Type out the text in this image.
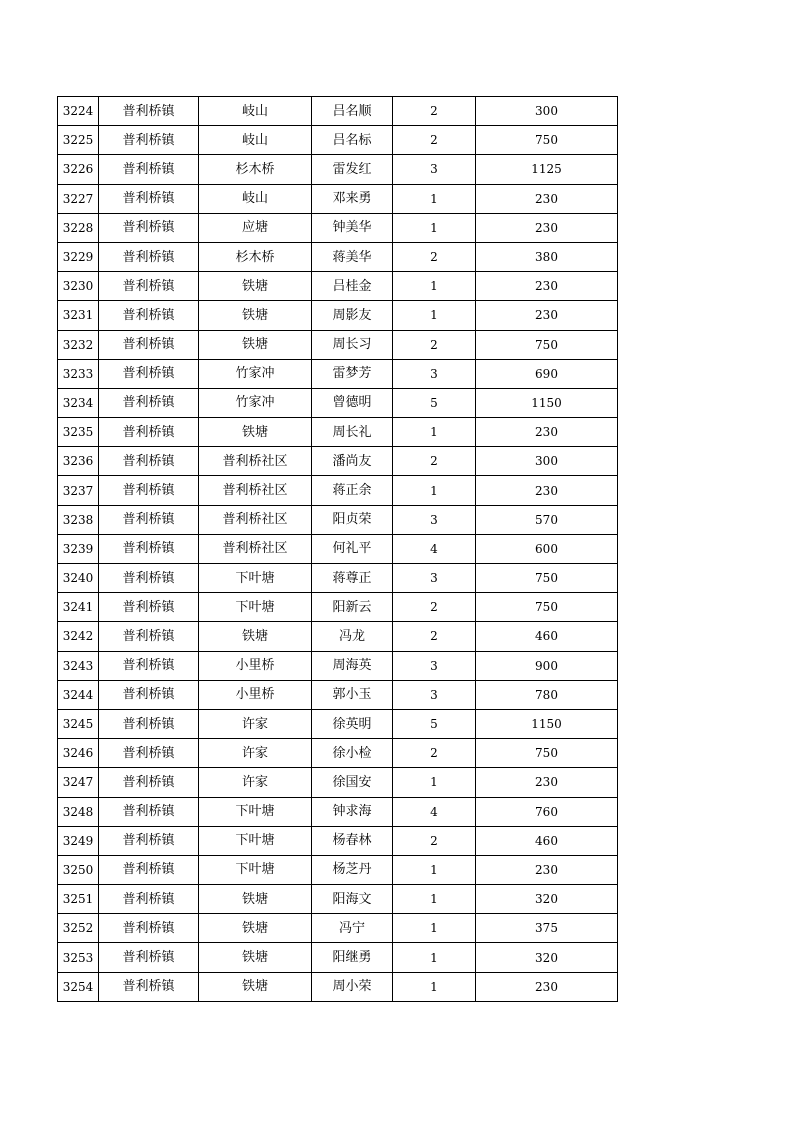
3224	普利桥镇	岐山	吕名顺	2	300
3225	普利桥镇	岐山	吕名标	2	750
3226	普利桥镇	杉木桥	雷发红	3	1125
3227	普利桥镇	岐山	邓来勇	1	230
3228	普利桥镇	应塘	钟美华	1	230
3229	普利桥镇	杉木桥	蒋美华	2	380
3230	普利桥镇	铁塘	吕桂金	1	230
3231	普利桥镇	铁塘	周影友	1	230
3232	普利桥镇	铁塘	周长习	2	750
3233	普利桥镇	竹家冲	雷梦芳	3	690
3234	普利桥镇	竹家冲	曾德明	5	1150
3235	普利桥镇	铁塘	周长礼	1	230
3236	普利桥镇	普利桥社区	潘尚友	2	300
3237	普利桥镇	普利桥社区	蒋正余	1	230
3238	普利桥镇	普利桥社区	阳贞荣	3	570
3239	普利桥镇	普利桥社区	何礼平	4	600
3240	普利桥镇	下叶塘	蒋尊正	3	750
3241	普利桥镇	下叶塘	阳新云	2	750
3242	普利桥镇	铁塘	冯龙	2	460
3243	普利桥镇	小里桥	周海英	3	900
3244	普利桥镇	小里桥	郭小玉	3	780
3245	普利桥镇	许家	徐英明	5	1150
3246	普利桥镇	许家	徐小检	2	750
3247	普利桥镇	许家	徐国安	1	230
3248	普利桥镇	下叶塘	钟求海	4	760
3249	普利桥镇	下叶塘	杨春林	2	460
3250	普利桥镇	下叶塘	杨芝丹	1	230
3251	普利桥镇	铁塘	阳海文	1	320
3252	普利桥镇	铁塘	冯宁	1	375
3253	普利桥镇	铁塘	阳继勇	1	320
3254	普利桥镇	铁塘	周小荣	1	230
